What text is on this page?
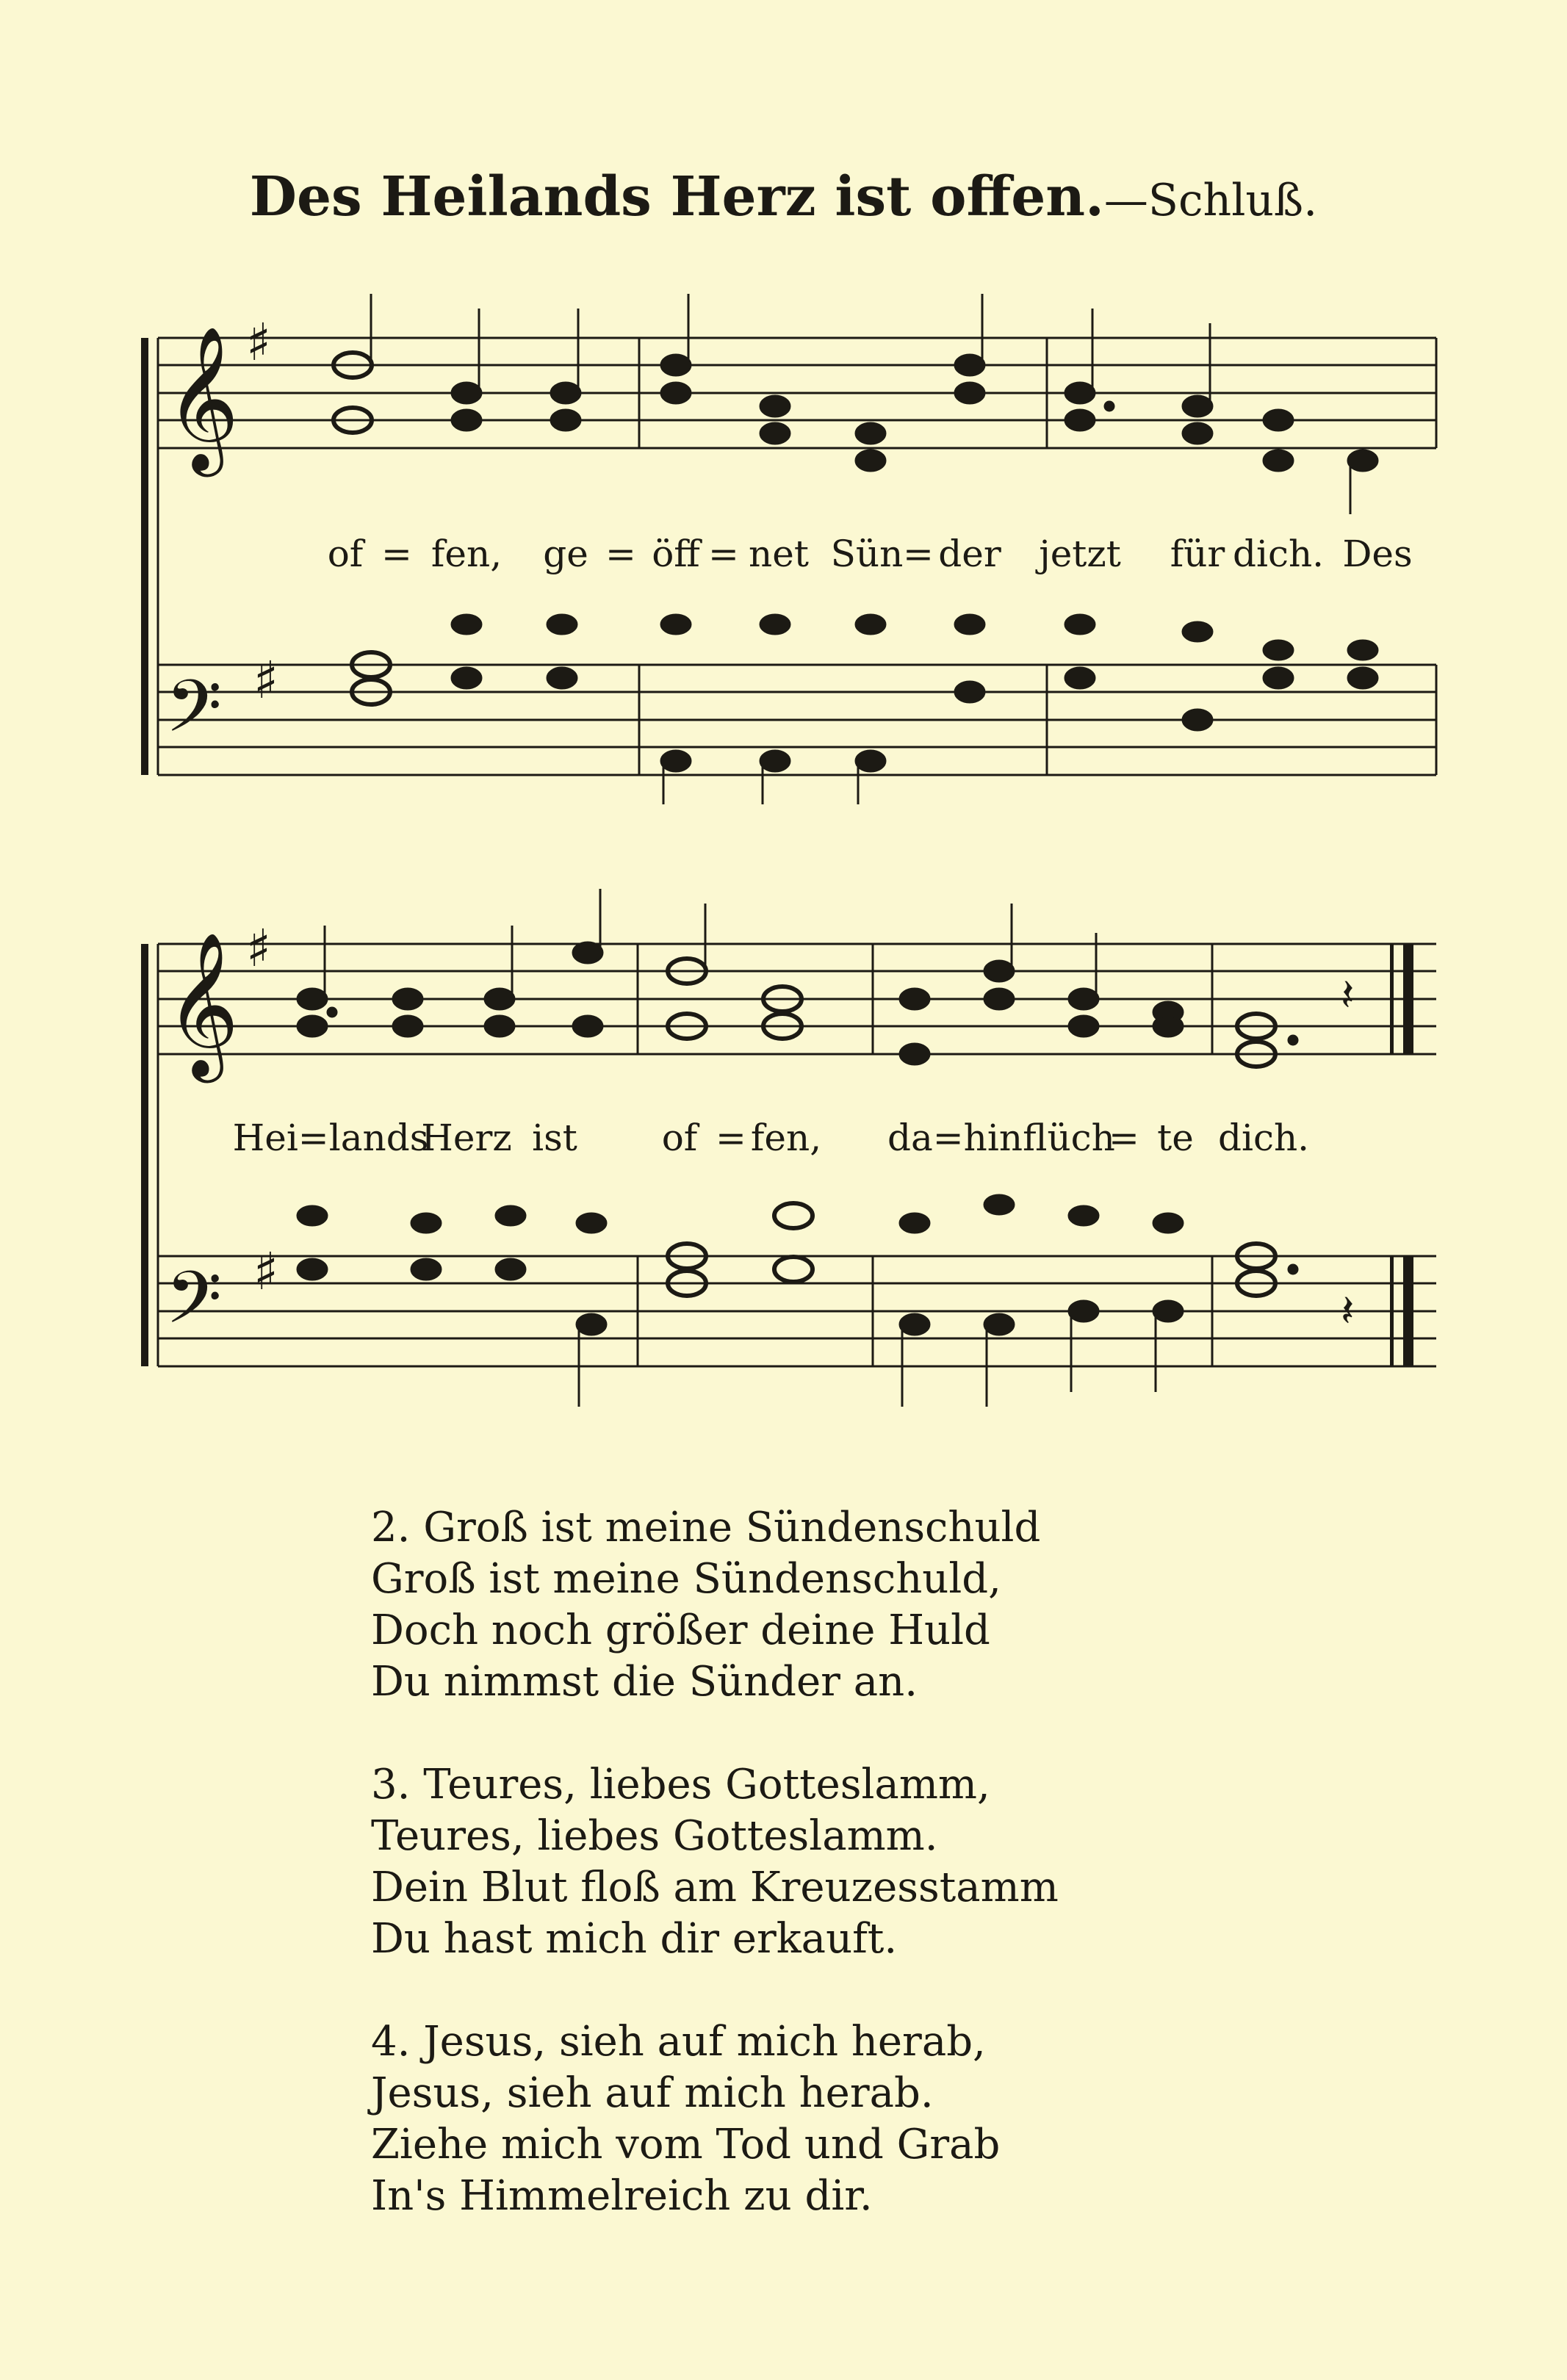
Des Heilands Herz ist offen.—Schluß.
𝄞
𝄢
♯
♯
of = fen, ge = öff = net Sün = der jetzt für dich. Des
𝄞
𝄢
♯
♯
𝄽
𝄽
Hei=lands
Herz ist of = fen, da=hin flüch
= te dich.
2. Groß ist meine Sündenschuld
Groß ist meine Sündenschuld,
Doch noch größer deine Huld
Du nimmst die Sünder an.
3. Teures, liebes Gotteslamm,
Teures, liebes Gotteslamm.
Dein Blut floß am Kreuzesstamm
Du hast mich dir erkauft.
4. Jesus, sieh auf mich herab,
Jesus, sieh auf mich herab.
Ziehe mich vom Tod und Grab
In's Himmelreich zu dir.
